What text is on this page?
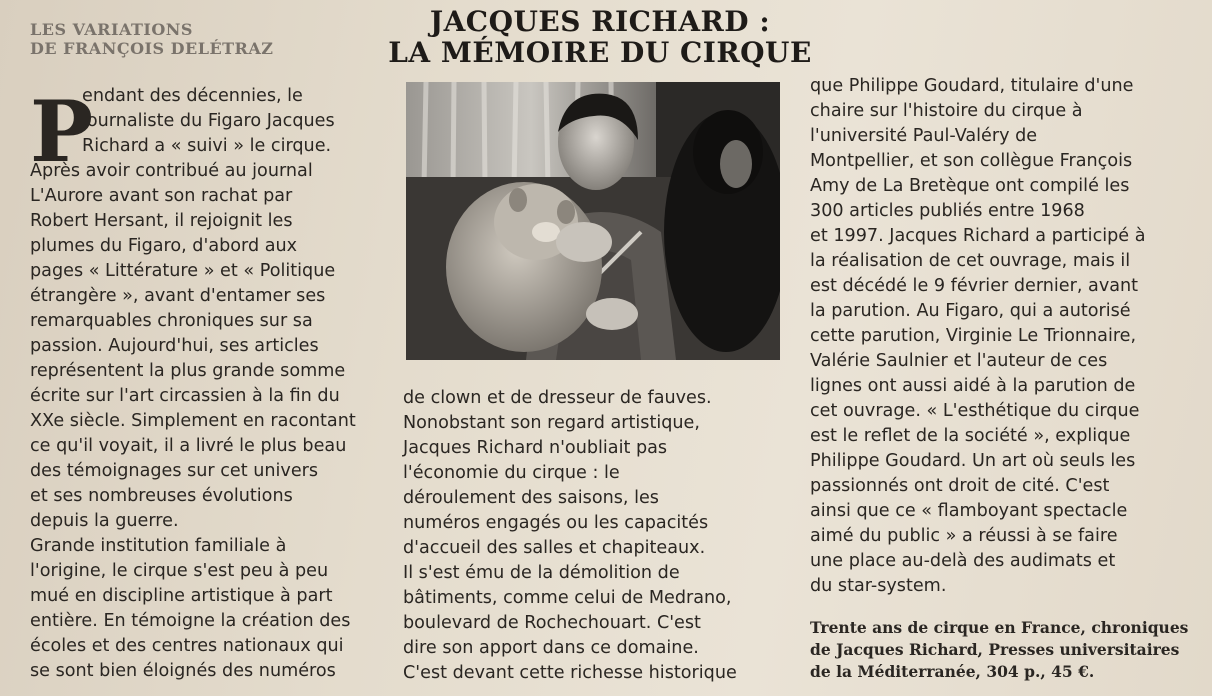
LES VARIATIONS
DE FRANÇOIS DELÉTRAZ
JACQUES RICHARD :
LA MÉMOIRE DU CIRQUE
P
endant des décennies, le
journaliste du Figaro Jacques
Richard a « suivi » le cirque.
Après avoir contribué au journal
L'Aurore avant son rachat par
Robert Hersant, il rejoignit les
plumes du Figaro, d'abord aux
pages « Littérature » et « Politique
étrangère », avant d'entamer ses
remarquables chroniques sur sa
passion. Aujourd'hui, ses articles
représentent la plus grande somme
écrite sur l'art circassien à la fin du
XXe siècle. Simplement en racontant
ce qu'il voyait, il a livré le plus beau
des témoignages sur cet univers
et ses nombreuses évolutions
depuis la guerre.
Grande institution familiale à
l'origine, le cirque s'est peu à peu
mué en discipline artistique à part
entière. En témoigne la création des
écoles et des centres nationaux qui
se sont bien éloignés des numéros
de clown et de dresseur de fauves.
Nonobstant son regard artistique,
Jacques Richard n'oubliait pas
l'économie du cirque : le
déroulement des saisons, les
numéros engagés ou les capacités
d'accueil des salles et chapiteaux.
Il s'est ému de la démolition de
bâtiments, comme celui de Medrano,
boulevard de Rochechouart. C'est
dire son apport dans ce domaine.
C'est devant cette richesse historique
que Philippe Goudard, titulaire d'une
chaire sur l'histoire du cirque à
l'université Paul-Valéry de
Montpellier, et son collègue François
Amy de La Bretèque ont compilé les
300 articles publiés entre 1968
et 1997. Jacques Richard a participé à
la réalisation de cet ouvrage, mais il
est décédé le 9 février dernier, avant
la parution. Au Figaro, qui a autorisé
cette parution, Virginie Le Trionnaire,
Valérie Saulnier et l'auteur de ces
lignes ont aussi aidé à la parution de
cet ouvrage. « L'esthétique du cirque
est le reflet de la société », explique
Philippe Goudard. Un art où seuls les
passionnés ont droit de cité. C'est
ainsi que ce « flamboyant spectacle
aimé du public » a réussi à se faire
une place au-delà des audimats et
du star-system.
Trente ans de cirque en France, chroniques
de Jacques Richard, Presses universitaires
de la Méditerranée, 304 p., 45 €.
